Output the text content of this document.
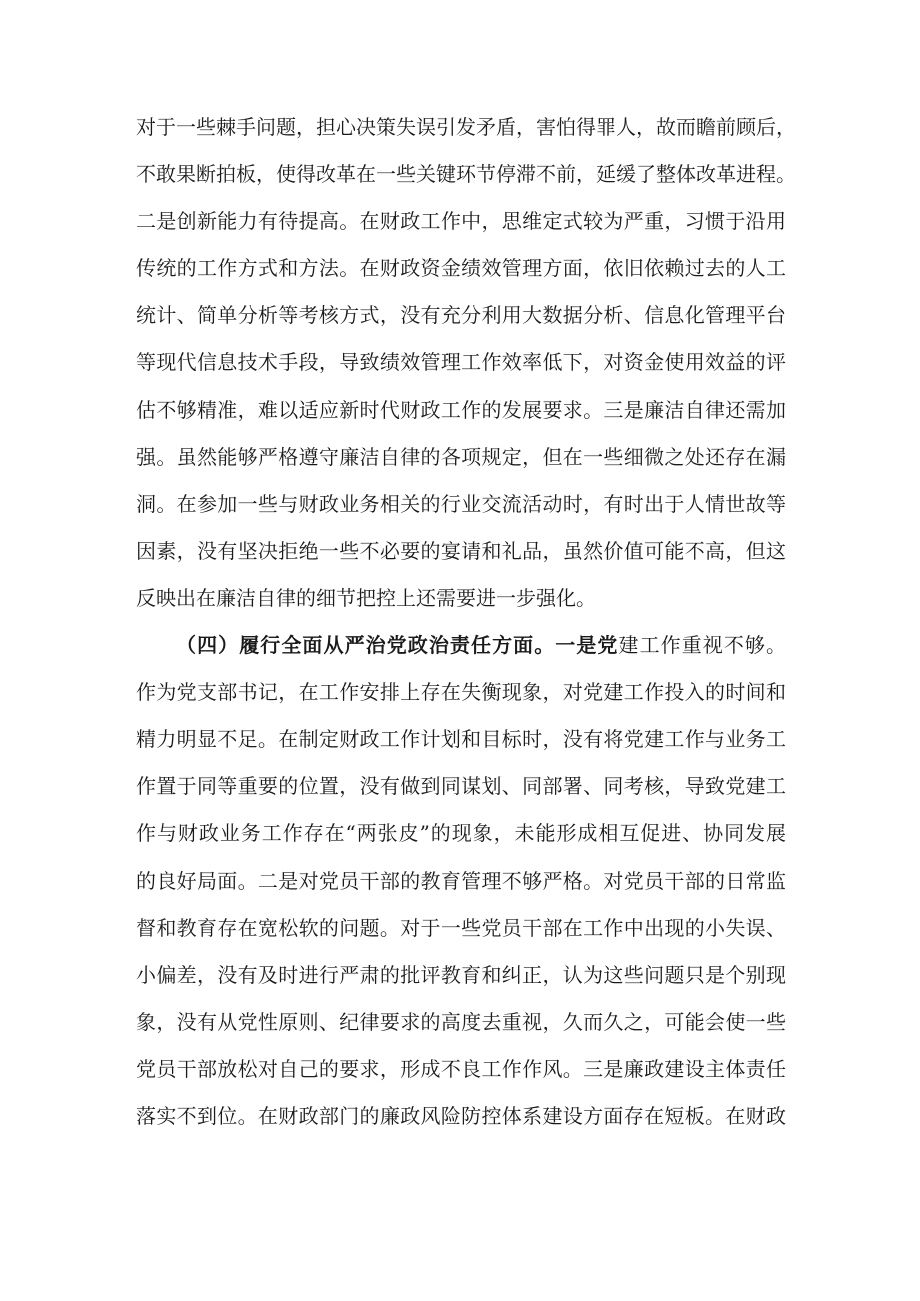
对于一些棘手问题，担心决策失误引发矛盾，害怕得罪人，故而瞻前顾后，
不敢果断拍板，使得改革在一些关键环节停滞不前，延缓了整体改革进程。
二是创新能力有待提高。在财政工作中，思维定式较为严重，习惯于沿用
传统的工作方式和方法。在财政资金绩效管理方面，依旧依赖过去的人工
统计、简单分析等考核方式，没有充分利用大数据分析、信息化管理平台
等现代信息技术手段，导致绩效管理工作效率低下，对资金使用效益的评
估不够精准，难以适应新时代财政工作的发展要求。三是廉洁自律还需加
强。虽然能够严格遵守廉洁自律的各项规定，但在一些细微之处还存在漏
洞。在参加一些与财政业务相关的行业交流活动时，有时出于人情世故等
因素，没有坚决拒绝一些不必要的宴请和礼品，虽然价值可能不高，但这
反映出在廉洁自律的细节把控上还需要进一步强化。
（四）履行全面从严治党政治责任方面。一是党建工作重视不够。
作为党支部书记，在工作安排上存在失衡现象，对党建工作投入的时间和
精力明显不足。在制定财政工作计划和目标时，没有将党建工作与业务工
作置于同等重要的位置，没有做到同谋划、同部署、同考核，导致党建工
作与财政业务工作存在“两张皮”的现象，未能形成相互促进、协同发展
的良好局面。二是对党员干部的教育管理不够严格。对党员干部的日常监
督和教育存在宽松软的问题。对于一些党员干部在工作中出现的小失误、
小偏差，没有及时进行严肃的批评教育和纠正，认为这些问题只是个别现
象，没有从党性原则、纪律要求的高度去重视，久而久之，可能会使一些
党员干部放松对自己的要求，形成不良工作作风。三是廉政建设主体责任
落实不到位。在财政部门的廉政风险防控体系建设方面存在短板。在财政
